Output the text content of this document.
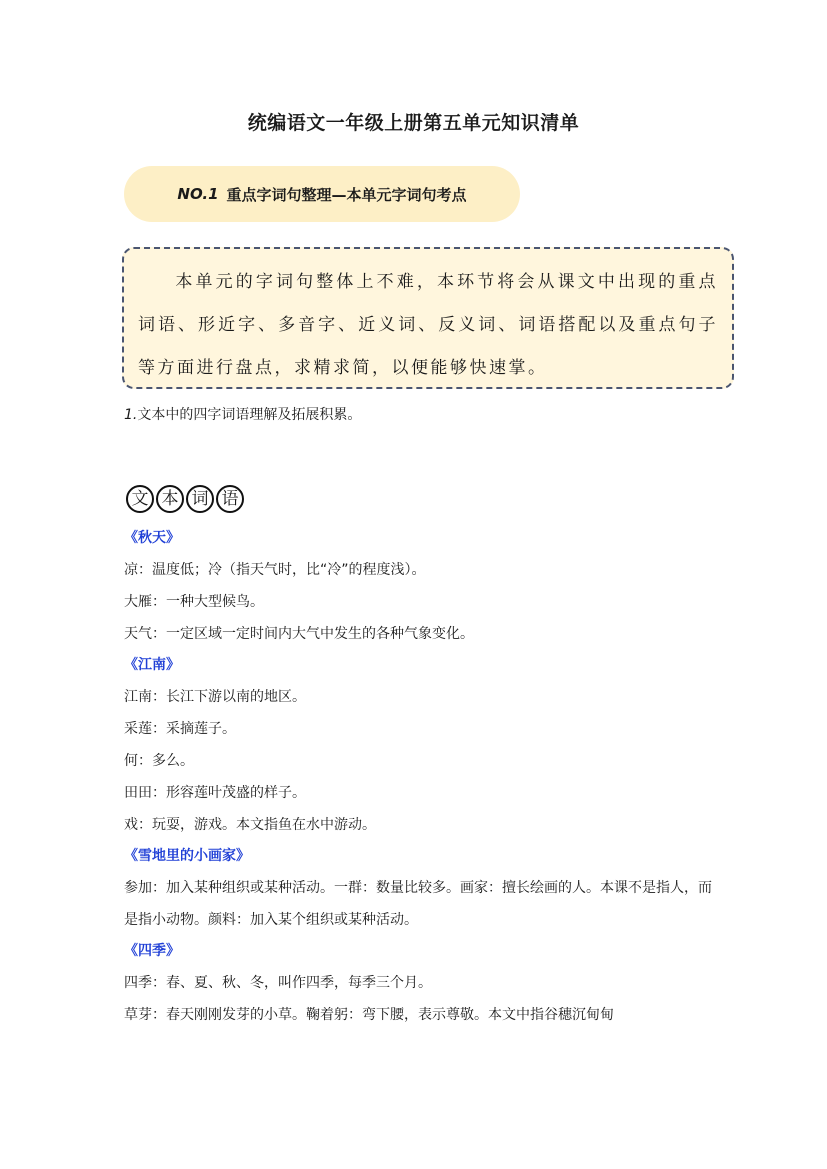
统编语文一年级上册第五单元知识清单
NO.1 重点字词句整理—本单元字词句考点
本单元的字词句整体上不难，本环节将会从课文中出现的重点词语、形近字、多音字、近义词、反义词、词语搭配以及重点句子等方面进行盘点，求精求简，以便能够快速掌。
1.文本中的四字词语理解及拓展积累。
文 本 词 语
《秋天》
凉：温度低；冷（指天气时，比“冷”的程度浅）。
大雁：一种大型候鸟。
天气：一定区域一定时间内大气中发生的各种气象变化。
《江南》
江南：长江下游以南的地区。
采莲：采摘莲子。
何：多么。
田田：形容莲叶茂盛的样子。
戏：玩耍，游戏。本文指鱼在水中游动。
《雪地里的小画家》
参加：加入某种组织或某种活动。一群：数量比较多。画家：擅长绘画的人。本课不是指人，而是指小动物。颜料：加入某个组织或某种活动。
《四季》
四季：春、夏、秋、冬，叫作四季，每季三个月。
草芽：春天刚刚发芽的小草。鞠着躬：弯下腰，表示尊敬。本文中指谷穗沉甸甸
